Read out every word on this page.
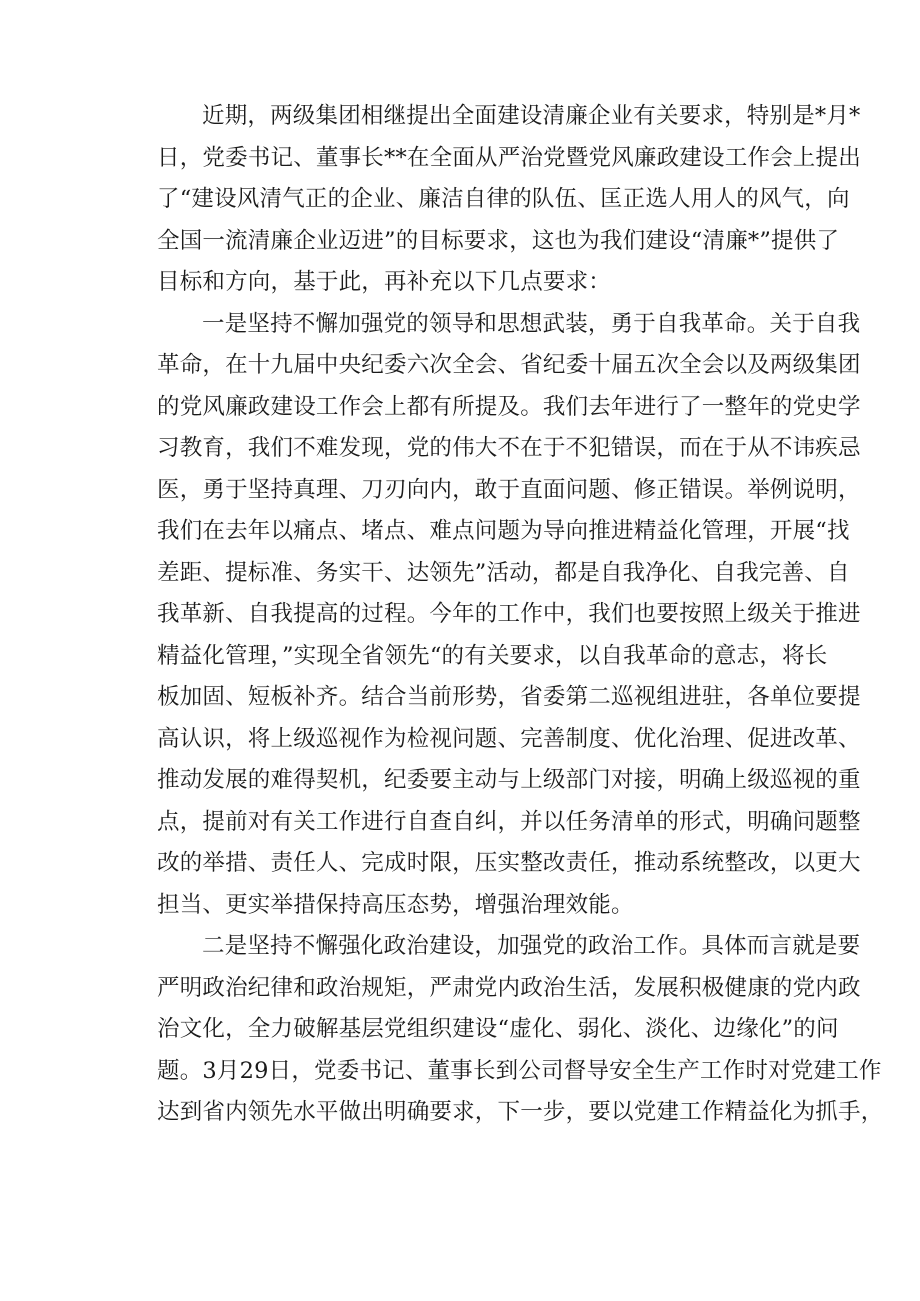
近期，两级集团相继提出全面建设清廉企业有关要求，特别是*月*
日，党委书记、董事长**在全面从严治党暨党风廉政建设工作会上提出
了“建设风清气正的企业、廉洁自律的队伍、匡正选人用人的风气，向
全国一流清廉企业迈进”的目标要求，这也为我们建设“清廉*”提供了
目标和方向，基于此，再补充以下几点要求：
一是坚持不懈加强党的领导和思想武装，勇于自我革命。关于自我
革命，在十九届中央纪委六次全会、省纪委十届五次全会以及两级集团
的党风廉政建设工作会上都有所提及。我们去年进行了一整年的党史学
习教育，我们不难发现，党的伟大不在于不犯错误，而在于从不讳疾忌
医，勇于坚持真理、刀刃向内，敢于直面问题、修正错误。举例说明，
我们在去年以痛点、堵点、难点问题为导向推进精益化管理，开展“找
差距、提标准、务实干、达领先”活动，都是自我净化、自我完善、自
我革新、自我提高的过程。今年的工作中，我们也要按照上级关于推进
精益化管理，”实现全省领先“的有关要求，以自我革命的意志，将长
板加固、短板补齐。结合当前形势，省委第二巡视组进驻，各单位要提
高认识，将上级巡视作为检视问题、完善制度、优化治理、促进改革、
推动发展的难得契机，纪委要主动与上级部门对接，明确上级巡视的重
点，提前对有关工作进行自查自纠，并以任务清单的形式，明确问题整
改的举措、责任人、完成时限，压实整改责任，推动系统整改，以更大
担当、更实举措保持高压态势，增强治理效能。
二是坚持不懈强化政治建设，加强党的政治工作。具体而言就是要
严明政治纪律和政治规矩，严肃党内政治生活，发展积极健康的党内政
治文化，全力破解基层党组织建设“虚化、弱化、淡化、边缘化”的问
题。3月29日，党委书记、董事长到公司督导安全生产工作时对党建工作
达到省内领先水平做出明确要求，下一步，要以党建工作精益化为抓手，
